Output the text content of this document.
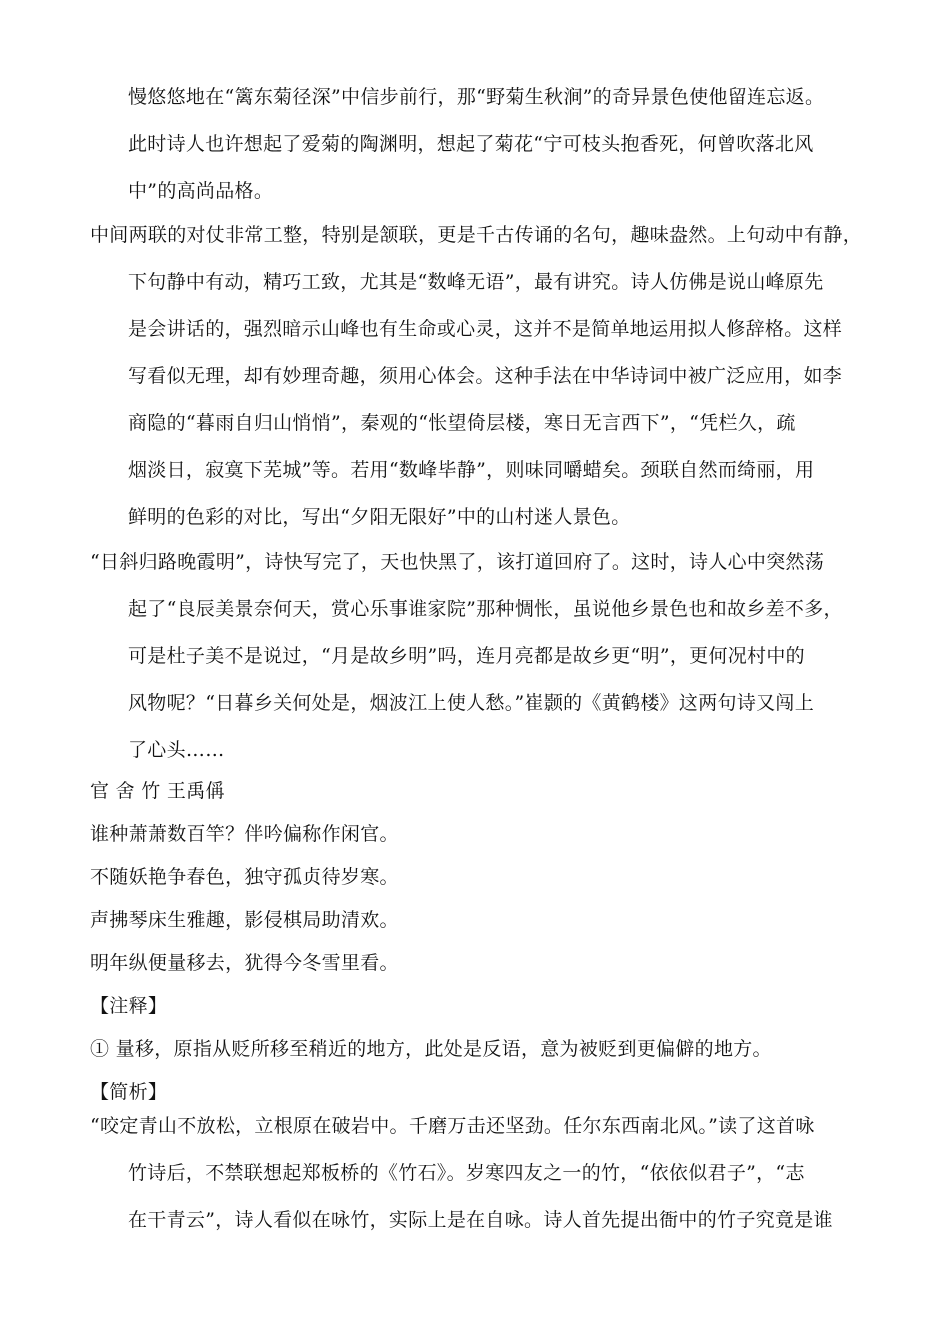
慢悠悠地在“篱东菊径深”中信步前行，那“野菊生秋涧”的奇异景色使他留连忘返。
此时诗人也许想起了爱菊的陶渊明，想起了菊花“宁可枝头抱香死，何曾吹落北风
中”的高尚品格。
中间两联的对仗非常工整，特别是颔联，更是千古传诵的名句，趣味盎然。上句动中有静，
下句静中有动，精巧工致，尤其是“数峰无语”，最有讲究。诗人仿佛是说山峰原先
是会讲话的，强烈暗示山峰也有生命或心灵，这并不是简单地运用拟人修辞格。这样
写看似无理，却有妙理奇趣，须用心体会。这种手法在中华诗词中被广泛应用，如李
商隐的“暮雨自归山悄悄”，秦观的“怅望倚层楼，寒日无言西下”，“凭栏久，疏
烟淡日，寂寞下芜城”等。若用“数峰毕静”，则味同嚼蜡矣。颈联自然而绮丽，用
鲜明的色彩的对比，写出“夕阳无限好”中的山村迷人景色。
“日斜归路晚霞明”，诗快写完了，天也快黑了，该打道回府了。这时，诗人心中突然荡
起了“良辰美景奈何天，赏心乐事谁家院”那种惆怅，虽说他乡景色也和故乡差不多，
可是杜子美不是说过，“月是故乡明”吗，连月亮都是故乡更“明”，更何况村中的
风物呢？“日暮乡关何处是，烟波江上使人愁。”崔颢的《黄鹤楼》这两句诗又闯上
了心头……
官 舍 竹 王禹偁
谁种萧萧数百竿？伴吟偏称作闲官。
不随妖艳争春色，独守孤贞待岁寒。
声拂琴床生雅趣，影侵棋局助清欢。
明年纵便量移去，犹得今冬雪里看。
【注释】
① 量移，原指从贬所移至稍近的地方，此处是反语，意为被贬到更偏僻的地方。
【简析】
“咬定青山不放松，立根原在破岩中。千磨万击还坚劲。任尔东西南北风。”读了这首咏
竹诗后，不禁联想起郑板桥的《竹石》。岁寒四友之一的竹，“依依似君子”，“志
在干青云”，诗人看似在咏竹，实际上是在自咏。诗人首先提出衙中的竹子究竟是谁
